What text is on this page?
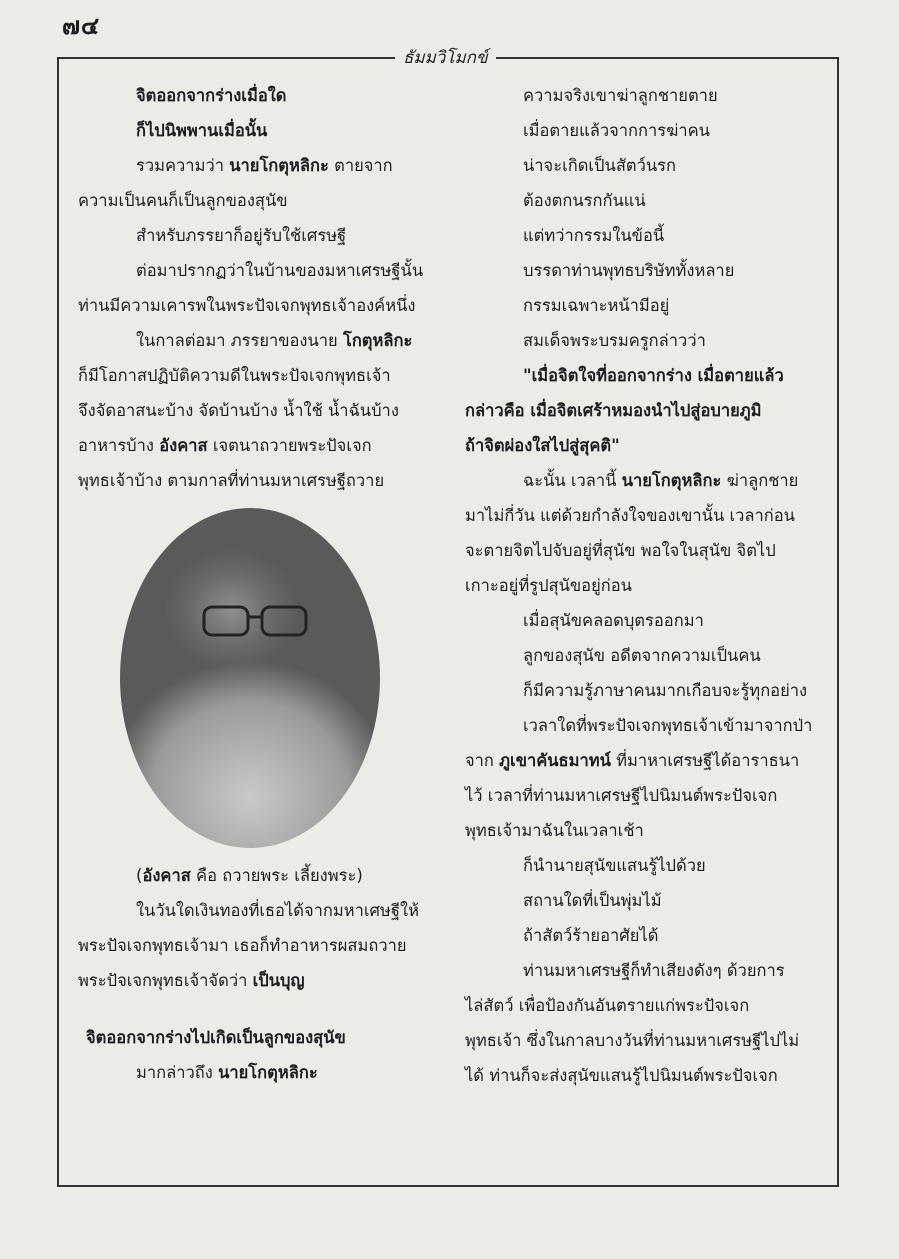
๗๔
ธัมมวิโมกข์
จิตออกจากร่างเมื่อใด
ก็ไปนิพพานเมื่อนั้น
รวมความว่า นายโกตุหลิกะ ตายจาก
ความเป็นคนก็เป็นลูกของสุนัข
สำหรับภรรยาก็อยู่รับใช้เศรษฐี
ต่อมาปรากฏว่าในบ้านของมหาเศรษฐีนั้น
ท่านมีความเคารพในพระปัจเจกพุทธเจ้าองค์หนึ่ง
ในกาลต่อมา ภรรยาของนาย โกตุหลิกะ
ก็มีโอกาสปฏิบัติความดีในพระปัจเจกพุทธเจ้า
จึงจัดอาสนะบ้าง จัดบ้านบ้าง น้ำใช้ น้ำฉันบ้าง
อาหารบ้าง อังคาส เจตนาถวายพระปัจเจก
พุทธเจ้าบ้าง ตามกาลที่ท่านมหาเศรษฐีถวาย
(อังคาส คือ ถวายพระ เลี้ยงพระ)
ในวันใดเงินทองที่เธอได้จากมหาเศษฐีให้
พระปัจเจกพุทธเจ้ามา เธอก็ทำอาหารผสมถวาย
พระปัจเจกพุทธเจ้าจัดว่า เป็นบุญ
จิตออกจากร่างไปเกิดเป็นลูกของสุนัข
มากล่าวถึง นายโกตุหลิกะ
ความจริงเขาฆ่าลูกชายตาย
เมื่อตายแล้วจากการฆ่าคน
น่าจะเกิดเป็นสัตว์นรก
ต้องตกนรกกันแน่
แต่ทว่ากรรมในข้อนี้
บรรดาท่านพุทธบริษัททั้งหลาย
กรรมเฉพาะหน้ามีอยู่
สมเด็จพระบรมครูกล่าวว่า
"เมื่อจิตใจที่ออกจากร่าง เมื่อตายแล้ว
กล่าวคือ เมื่อจิตเศร้าหมองนำไปสู่อบายภูมิ
ถ้าจิตผ่องใสไปสู่สุคติ"
ฉะนั้น เวลานี้ นายโกตุหลิกะ ฆ่าลูกชาย
มาไม่กี่วัน แต่ด้วยกำลังใจของเขานั้น เวลาก่อน
จะตายจิตไปจับอยู่ที่สุนัข พอใจในสุนัข จิตไป
เกาะอยู่ที่รูปสุนัขอยู่ก่อน
เมื่อสุนัขคลอดบุตรออกมา
ลูกของสุนัข อดีตจากความเป็นคน
ก็มีความรู้ภาษาคนมากเกือบจะรู้ทุกอย่าง
เวลาใดที่พระปัจเจกพุทธเจ้าเข้ามาจากป่า
จาก ภูเขาคันธมาทน์ ที่มาหาเศรษฐีได้อาราธนา
ไว้ เวลาที่ท่านมหาเศรษฐีไปนิมนต์พระปัจเจก
พุทธเจ้ามาฉันในเวลาเช้า
ก็นำนายสุนัขแสนรู้ไปด้วย
สถานใดที่เป็นพุ่มไม้
ถ้าสัตว์ร้ายอาศัยได้
ท่านมหาเศรษฐีก็ทำเสียงดังๆ ด้วยการ
ไล่สัตว์ เพื่อป้องกันอันตรายแก่พระปัจเจก
พุทธเจ้า ซึ่งในกาลบางวันที่ท่านมหาเศรษฐีไปไม่
ได้ ท่านก็จะส่งสุนัขแสนรู้ไปนิมนต์พระปัจเจก
